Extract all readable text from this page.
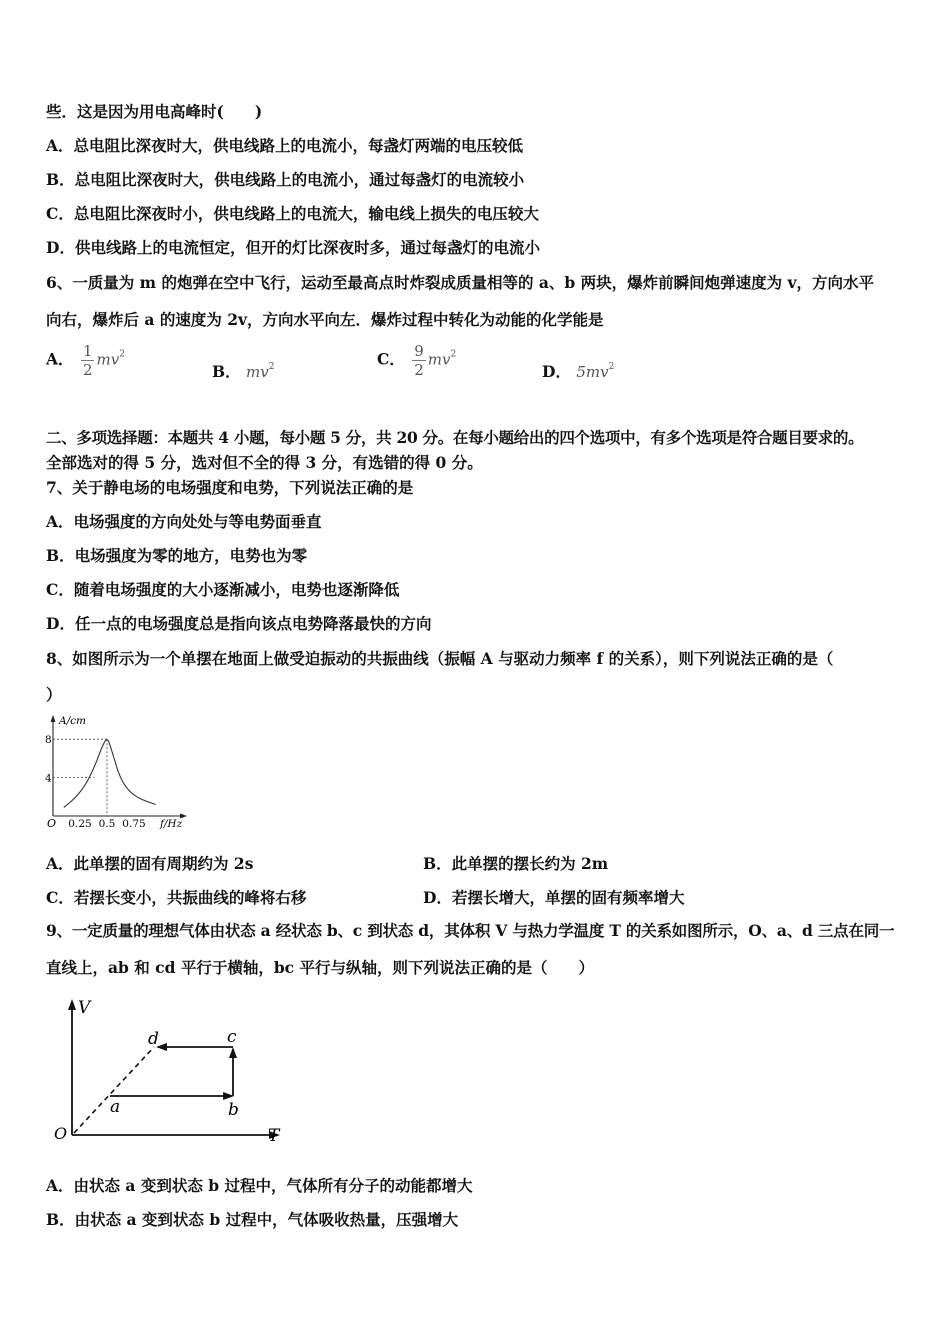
些．这是因为用电高峰时(　　)
A．总电阻比深夜时大，供电线路上的电流小，每盏灯两端的电压较低
B．总电阻比深夜时大，供电线路上的电流小，通过每盏灯的电流较小
C．总电阻比深夜时小，供电线路上的电流大，输电线上损失的电压较大
D．供电线路上的电流恒定，但开的灯比深夜时多，通过每盏灯的电流小
6、一质量为 m 的炮弹在空中飞行，运动至最高点时炸裂成质量相等的 a、b 两块，爆炸前瞬间炮弹速度为 v，方向水平
向右，爆炸后 a 的速度为 2v，方向水平向左．爆炸过程中转化为动能的化学能是
A． $\frac{1}{2} mv^2$
B． $mv^2$	C． $\frac{9}{2} mv^2$
D． $5mv^2$
二、多项选择题：本题共 4 小题，每小题 5 分，共 20 分。在每小题给出的四个选项中，有多个选项是符合题目要求的。
全部选对的得 5 分，选对但不全的得 3 分，有选错的得 0 分。
7、关于静电场的电场强度和电势，下列说法正确的是
A．电场强度的方向处处与等电势面垂直
B．电场强度为零的地方，电势也为零
C．随着电场强度的大小逐渐减小，电势也逐渐降低
D．任一点的电场强度总是指向该点电势降落最快的方向
8、如图所示为一个单摆在地面上做受迫振动的共振曲线（振幅 A 与驱动力频率 f 的关系），则下列说法正确的是（
）
A/cm
f/Hz
O
4
8
0.25 0.5 0.75
A．此单摆的固有周期约为 2s	B．此单摆的摆长约为 2m
C．若摆长变小，共振曲线的峰将右移	D．若摆长增大，单摆的固有频率增大
9、一定质量的理想气体由状态 a 经状态 b、c 到状态 d，其体积 V 与热力学温度 T 的关系如图所示，O、a、d 三点在同一
直线上，ab 和 cd 平行于横轴，bc 平行与纵轴，则下列说法正确的是（　　）
V
T
O
a	b
c
d
A．由状态 a 变到状态 b 过程中，气体所有分子的动能都增大
B．由状态 a 变到状态 b 过程中，气体吸收热量，压强增大
